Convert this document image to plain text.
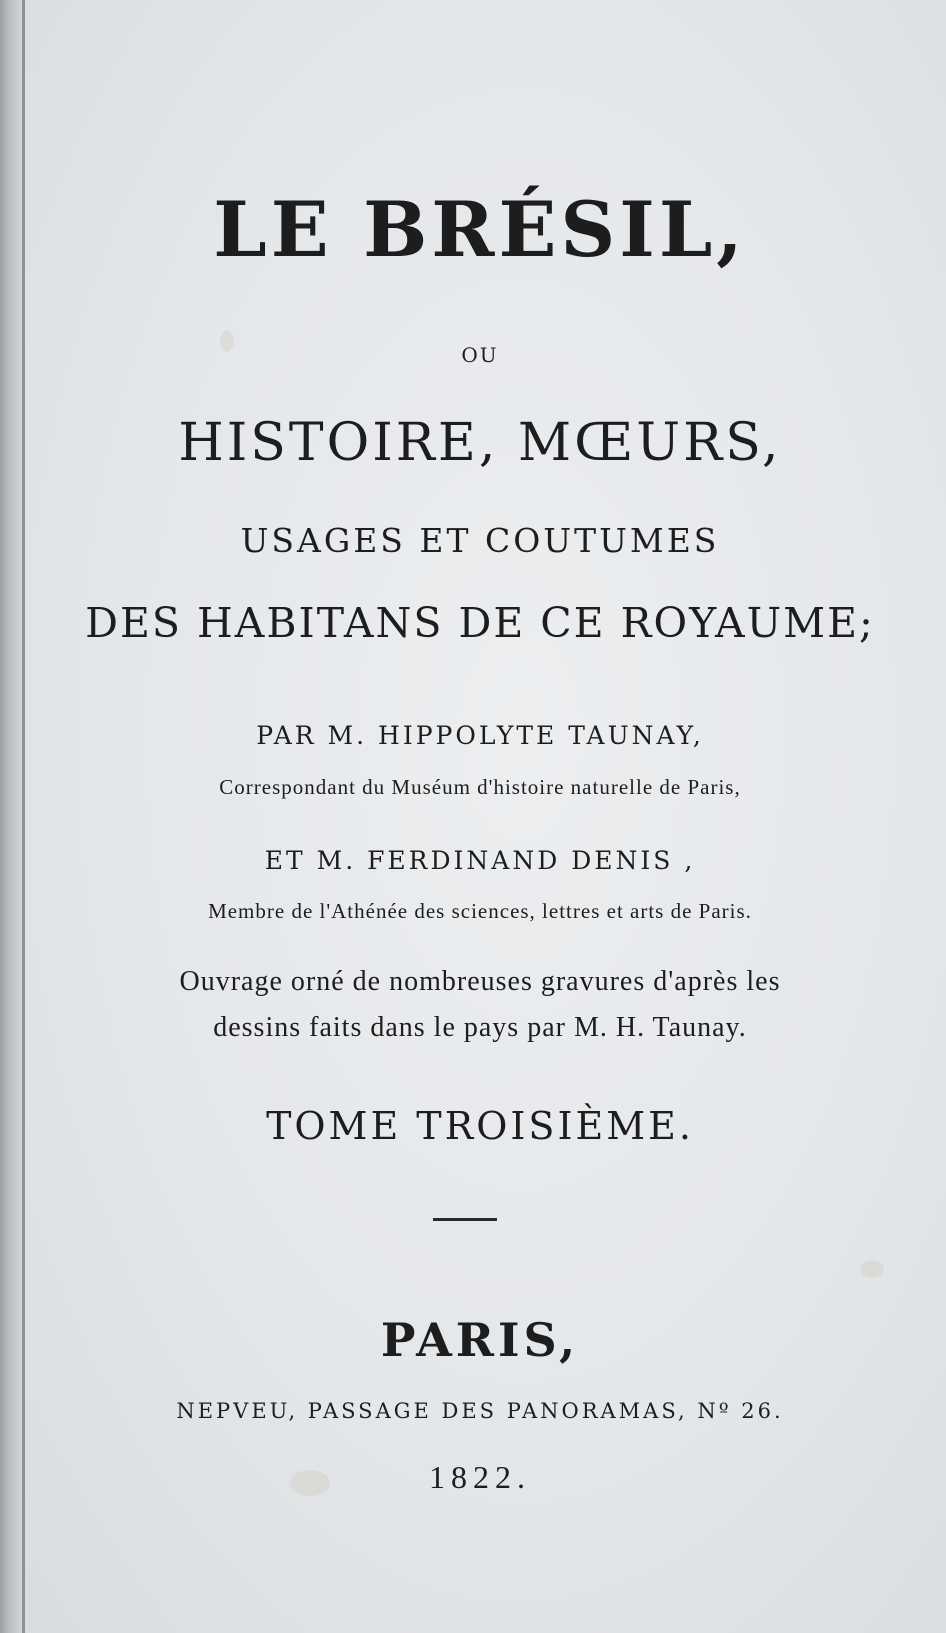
LE BRÉSIL,
OU
HISTOIRE, MŒURS,
USAGES ET COUTUMES
DES HABITANS DE CE ROYAUME;
PAR M. HIPPOLYTE TAUNAY,
Correspondant du Muséum d'histoire naturelle de Paris,
ET M. FERDINAND DENIS ,
Membre de l'Athénée des sciences, lettres et arts de Paris.
Ouvrage orné de nombreuses gravures d'après les
dessins faits dans le pays par M. H. Taunay.
TOME TROISIÈME.
PARIS,
NEPVEU, PASSAGE DES PANORAMAS, Nº 26.
1822.
